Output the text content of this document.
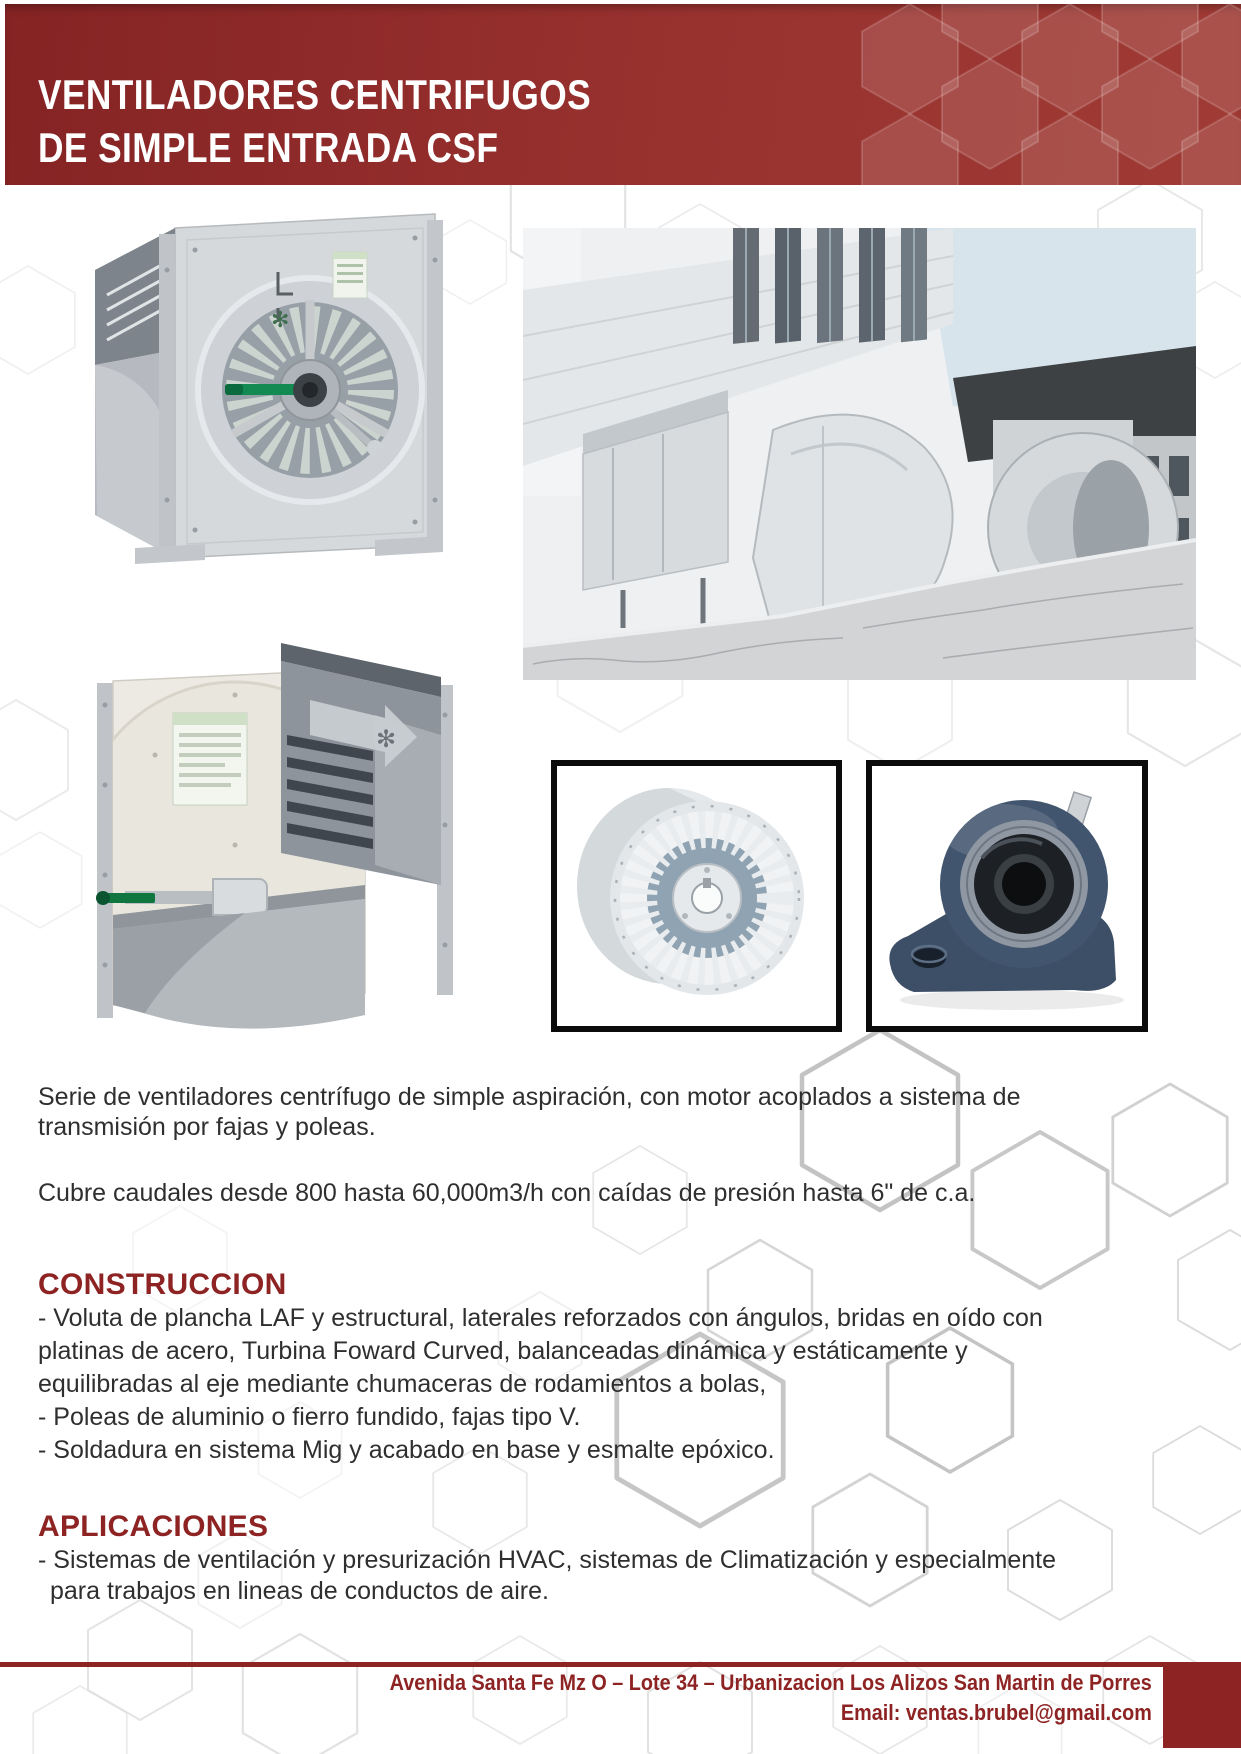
VENTILADORES CENTRIFUGOS
DE SIMPLE ENTRADA CSF
✻
✻
Serie de ventiladores centrífugo de simple aspiración, con motor acoplados a sistema de
transmisión por fajas y poleas.
Cubre caudales desde 800 hasta 60,000m3/h con caídas de presión hasta 6" de c.a.
CONSTRUCCION
- Voluta de plancha LAF y estructural, laterales reforzados con ángulos, bridas en oído con
platinas de acero, Turbina Foward Curved, balanceadas dinámica y estáticamente y
equilibradas al eje mediante chumaceras de rodamientos a bolas,
- Poleas de aluminio o fierro fundido, fajas tipo V.
- Soldadura en sistema Mig y acabado en base y esmalte epóxico.
APLICACIONES
- Sistemas de ventilación y presurización HVAC, sistemas de Climatización y especialmente
para trabajos en lineas de conductos de aire.
Avenida Santa Fe Mz O – Lote 34 – Urbanizacion Los Alizos San Martin de Porres
Email: ventas.brubel@gmail.com
